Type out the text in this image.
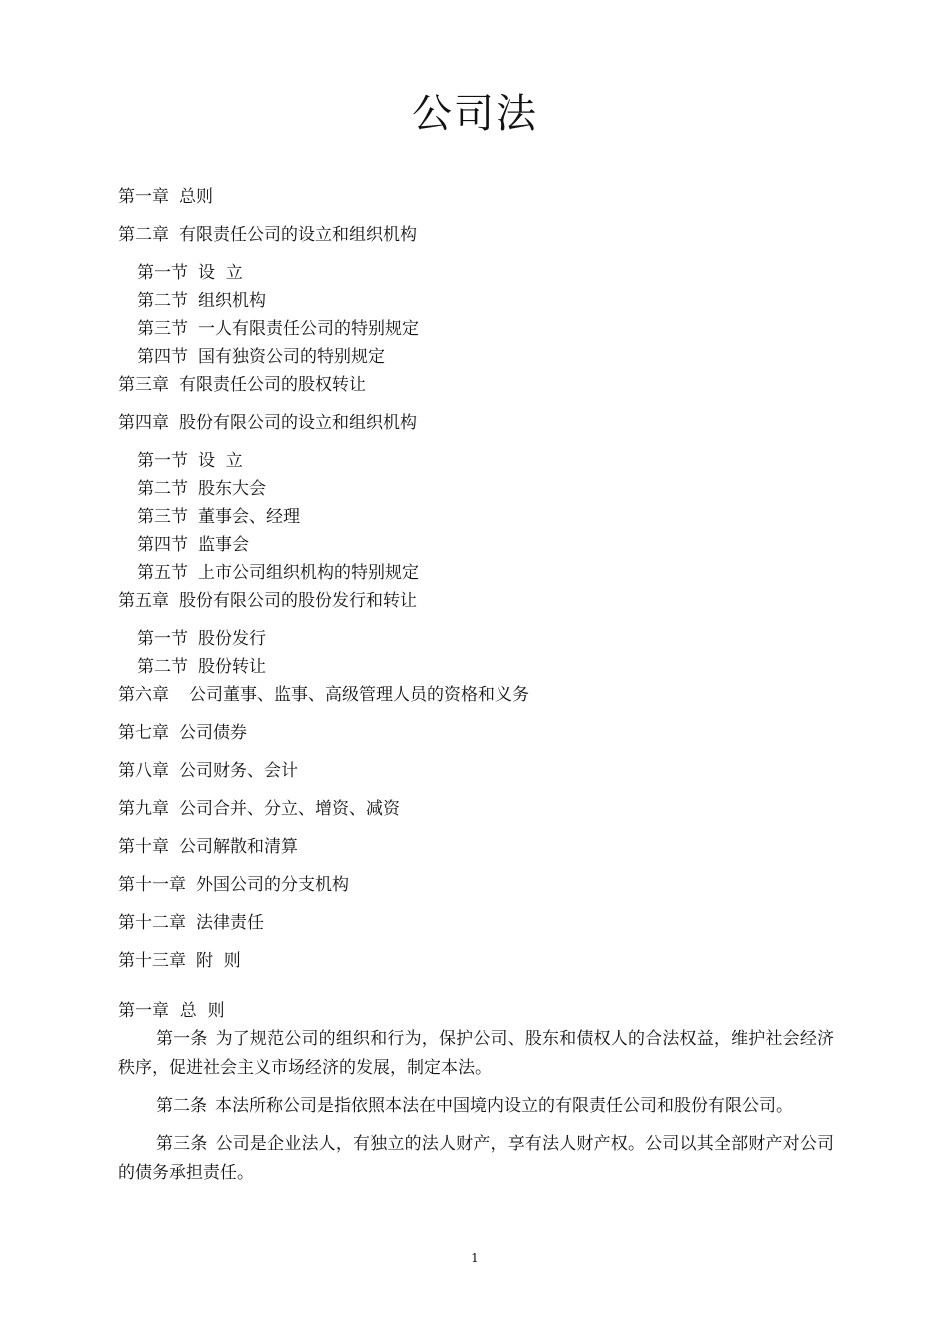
公司法
第一章 总则
第二章 有限责任公司的设立和组织机构
第一节 设  立
第二节 组织机构
第三节 一人有限责任公司的特别规定
第四节 国有独资公司的特别规定
第三章 有限责任公司的股权转让
第四章 股份有限公司的设立和组织机构
第一节 设  立
第二节 股东大会
第三节 董事会、经理
第四节 监事会
第五节 上市公司组织机构的特别规定
第五章 股份有限公司的股份发行和转让
第一节 股份发行
第二节 股份转让
第六章 公司董事、监事、高级管理人员的资格和义务
第七章 公司债券
第八章 公司财务、会计
第九章 公司合并、分立、增资、减资
第十章 公司解散和清算
第十一章 外国公司的分支机构
第十二章 法律责任
第十三章 附  则

第一章  总  则

第一条 为了规范公司的组织和行为，保护公司、股东和债权人的合法权益，维护社会经济秩序，促进社会主义市场经济的发展，制定本法。

第二条 本法所称公司是指依照本法在中国境内设立的有限责任公司和股份有限公司。

第三条 公司是企业法人，有独立的法人财产，享有法人财产权。公司以其全部财产对公司的债务承担责任。

1
